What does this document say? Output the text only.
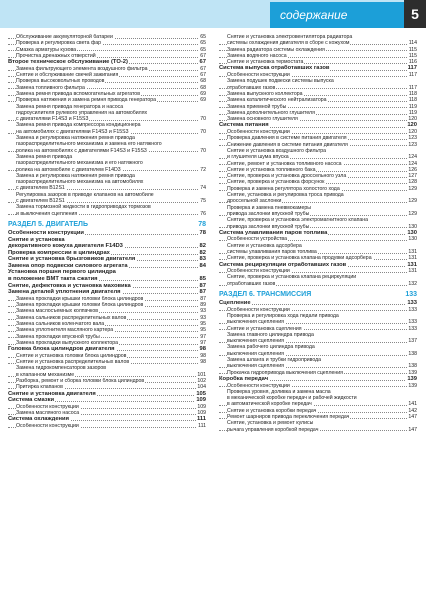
содержание	5
Обслуживание аккумуляторной батареи	65
Проверка и регулировка света фар	65
Смазка арматуры кузова	65
Прочистка дренажных отверстий	67
Второе техническое обслуживание (ТО-2)	67
Замена фильтрующего элемента воздушного фильтра	67
Снятие и обслуживание свечей зажигания	67
Проверка высоковольтных проводов	68
Замена топливного фильтра	68
Замена ремня привода вспомогательных агрегатов	69
Проверка натяжения и замена ремня привода генератора	69
Замена ремня привода генератора и насоса
гидроусилителя рулевого управления на автомобилях
с двигателями F14S3 и F15S3	70
Замена ремня привода компрессора кондиционера
на автомобилях с двигателями F14S3 и F15S3	70
Замена и регулировка натяжения ремня привода
газораспределительного механизма и замена его натяжного
ролика на автомобилях с двигателями F14S3 и F15S3	70
Замена ремня привода
газораспределительного механизма и его натяжного
ролика на автомобиле с двигателем F14D3	72
Замена и регулировка натяжения ремня привода
газораспределительного механизма на автомобилях
с двигателем B12S1	74
Регулировка зазоров в приводе клапанов на автомобиле
с двигателем B12S1	75
Замена тормозной жидкости в гидроприводах тормозов
и выключения сцепления	76
РАЗДЕЛ 5. ДВИГАТЕЛЬ	78
Особенности конструкции	78
Снятие и установка
декоративного кожуха двигателя F14D3	82
Проверка компрессии в цилиндрах	82
Снятие и установка брызговиков двигателя	83
Замена опор подвески силового агрегата	84
Установка поршня первого цилиндра
в положение ВМТ такта сжатия	85
Снятие, дефектовка и установка маховика	87
Замена деталей уплотнения двигателя	87
Замена прокладки крышки головки блока цилиндров	87
Замена прокладки крышки головки блока цилиндров	89
Замена маслосъемных колпачков	93
Замена сальников распределительных валов	93
Замена сальников коленчатого вала	95
Замена уплотнителя масляного картера	95
Замена прокладки впускной трубы	97
Замена прокладки выпускного коллектора	97
Головка блока цилиндров двигателя	98
Снятие и установка головки блока цилиндров	98
Снятие и установка распределительных валов	98
Замена гидрокомпенсаторов зазоров
в клапанном механизме	101
Разборка, ремонт и сборка головки блока цилиндров	102
Притирка клапанов	104
Снятие и установка двигателя	105
Система смазки	109
Особенности конструкции	109
Замена масляного насоса	109
Система охлаждения	111
Особенности конструкции	111
Снятие и установка электровентилятора радиатора
системы охлаждения двигателя в сборе с кожухом	114
Замена радиатора системы охлаждения	115
Замена водяного насоса	115
Снятие и установка термостата	116
Система выпуска отработавших газов	117
Особенности конструкции	117
Замена подушек подвески системы выпуска
отработавших газов	117
Замена выпускного коллектора	118
Замена каталитического нейтрализатора	118
Замена приемной трубы	119
Замена дополнительного глушителя	119
Замена основного глушителя	120
Система питания	120
Особенности конструкции	120
Проверка давления в системе питания двигателя	123
Снижение давления в системе питания двигателя	123
Снятие и установка воздушного фильтра
и глушителя шума впуска	124
Снятие, ремонт и установка топливного насоса	124
Снятие и установка топливного бака	126
Снятие, проверка и установка дроссельного узла	127
Снятие, проверка и установка форсунок	128
Проверка и замена регулятора холостого хода	129
Снятие, установка и регулировка троса привода
дроссельной заслонки	129
Проверка и замена пневмокамеры
привода заслонки впускной трубы	129
Снятие, проверка и установка электромагнитного клапана
привода заслонки впускной трубы	130
Система улавливания паров топлива	130
Особенности устройства	130
Снятие и установка адсорбера
системы улавливания паров топлива	131
Снятие, проверка и установка клапана продувки адсорбера	131
Система рециркуляции отработавших газов	131
Особенности конструкции	131
Снятие, проверка и установка клапана рециркуляции
отработавших газов	132
РАЗДЕЛ 6. ТРАНСМИССИЯ	133
Сцепление	133
Особенности конструкции	133
Проверка и регулировка хода педали привода
выключения сцепления	133
Снятие и установка сцепления	133
Замена главного цилиндра привода
выключения сцепления	137
Замена рабочего цилиндра привода
выключения сцепления	138
Замена шланга и трубки гидропривода
выключения сцепления	138
Прокачка гидропривода выключения сцепления	139
Коробка передач	139
Особенности конструкции	139
Проверка уровня, доливка и замена масла
в механической коробке передач и рабочей жидкости
в автоматической коробке передач	141
Снятие и установка коробки передач	142
Ремонт шарниров привода переключения передач	147
Снятие, установка и ремонт кулисы
рычага управления коробкой передач	147
